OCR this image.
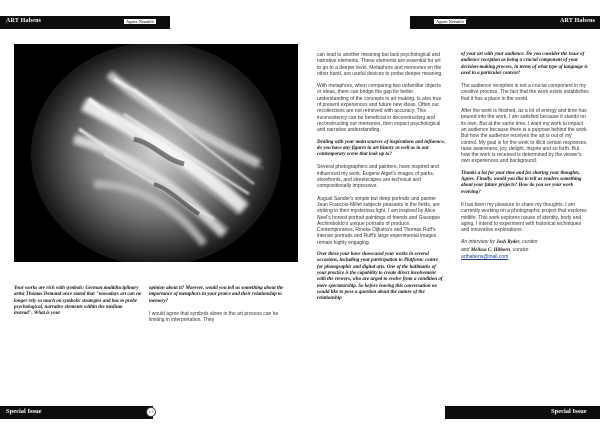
ART Habens	Agnes Nezukló	Agnes Nezukló	ART Habens

Your works are rich with symbols: German multidisciplinary artist Thomas Demand once stated that "nowadays art can no longer rely so much on symbolic strategies and has to probe psychological, narrative elements within the medium instead". What is your

opinion about it? Morever, would you tell us something about the importance of metaphors in your praice and their relationship to memory?

I would agree that symbols alone in the art process can be limiting in interpretation. They

can lead to another meaning but lack psychological and narrative elements. These elements are essential for art to go to a deeper level. Metaphors and memories on the other hand, are useful devices to probe deeper meaning.

With metaphors, when comparing two unfamiliar objects or ideas, there can bridge the gap for better understanding of the concepts in art making. Is also true of present experiences and future new ideas. Often our recollections are not retrieved with accuracy. This inconsistency can be beneficial in deconstructing and reconstructing our memories, then impact psychological and narrative understanding.

Dealing with your main sources of inspirations and influence, do you have any figures in art history as well as in our contemporary scene that look up to?

Several photographers and painters, have inspired and influenced my work. Eugene Atget's images of parks, storefronts, and streetscapes are technical and compositionally impressive.

August Sander's simple but deep portraits and painter Jean Francois-Millet subjects peasants in the fields, are striking in their mysterious light. I am inspired by Alice Neel's honest portrait paintings of friends and Giuseppe Archimboldo's unique portraits of produce. Contemporaries, Rineke Dijkstra's and Thomas Ruff's intense portraits and Ruff's large experimental images remain highly engaging.

Over these your have showcased your works in several occasions, including your participation to Platform: centre for photographic and digital arts. One of the hallmarks of your practice is the capability to create direct involvement with the viewers, who are urged to evolve from a condition of mere spectatorship. So before leaving this conversation we would like to pose a question about the nature of the relationship

of your art with your audience. Do you consider the issue of audience reception as being a crucial component of your decision-making process, in terms of what type of language is used in a particular context?

The audience reception is not a crucial component in my creative process. The fact that the work exists establishes that it has a place in the world.

After the work is finished, as a lot of energy and time has poured into the work, I am satisfied because it stands on its own. But at the same time, I want my work to impact an audience because there is a purpose behind the work. But how the audience receives the art is out of my control. My goal is for the work to illicit certain responses, raise awareness, joy, delight, inspire and so forth. But how the work is received is determined by the viewer's own experiences and background.

Thanks a lot for your time and for sharing your thoughts, Agnes. Finally, would you like to tell us readers something about your future projects? How do you see your work evolving?

It has been my pleasure to share my thoughts. I am currently working on a photographic project that explores midlife. This work explores issues of identity, body and aging. I intend to experiment with historical techniques and innovative explorations.

An interview by Josh Ryder, curator
and Melissa C. Hilborn, curator
arthabens@mail.com

Special Issue	17	Special Issue
